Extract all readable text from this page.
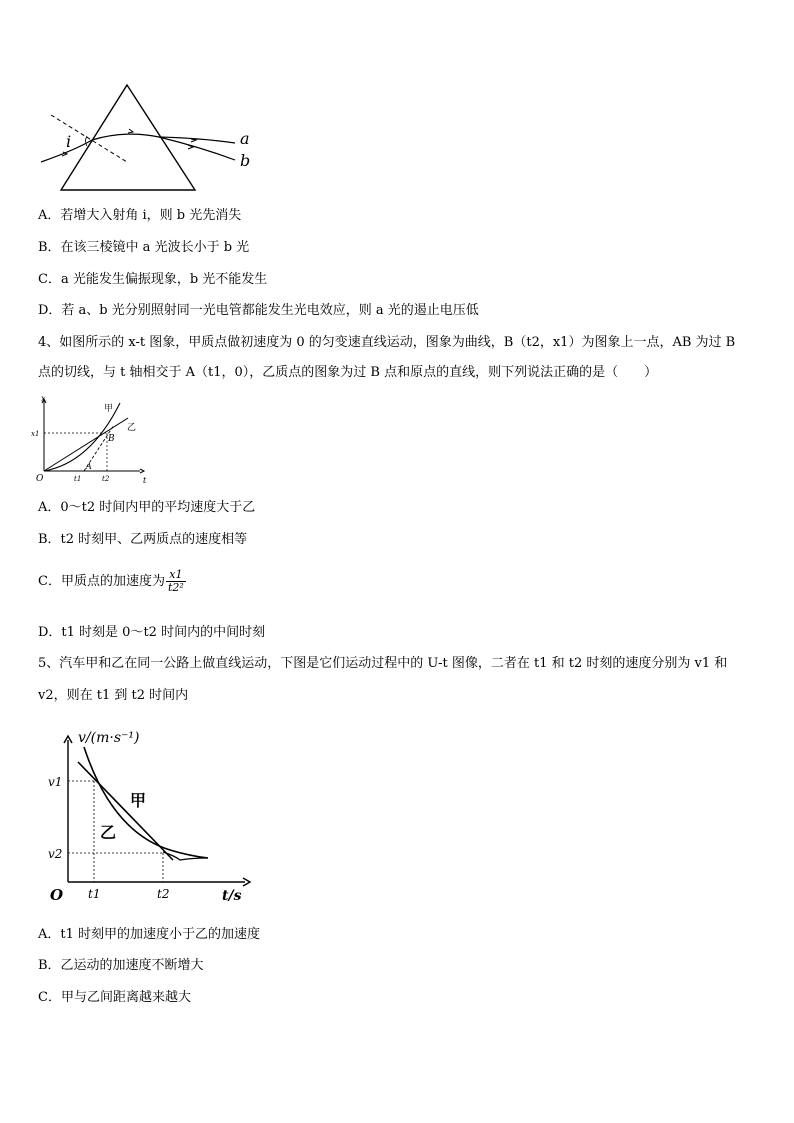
i	a
b
A．若增大入射角 i，则 b 光先消失
B．在该三棱镜中 a 光波长小于 b 光
C．a 光能发生偏振现象，b 光不能发生
D．若 a、b 光分别照射同一光电管都能发生光电效应，则 a 光的遏止电压低
4、如图所示的 x-t 图象，甲质点做初速度为 0 的匀变速直线运动，图象为曲线，B（t2，x1）为图象上一点，AB 为过 B
点的切线，与 t 轴相交于 A（t1，0），乙质点的图象为过 B 点和原点的直线，则下列说法正确的是（　　）
x
t
O
x1
t1	t2
A
B
甲
乙
A．0～t2 时间内甲的平均速度大于乙
B．t2 时刻甲、乙两质点的速度相等
C．甲质点的加速度为 $\frac{x1}{\text{t2²}}$
D．t1 时刻是 0～t2 时间内的中间时刻
5、汽车甲和乙在同一公路上做直线运动，下图是它们运动过程中的 U-t 图像，二者在 t1 和 t2 时刻的速度分别为 v1 和
v2，则在 t1 到 t2 时间内
v/(m·s⁻¹)
t/s
O
v1
v2
t1	t2
甲
乙
A．t1 时刻甲的加速度小于乙的加速度
B．乙运动的加速度不断增大
C．甲与乙间距离越来越大
